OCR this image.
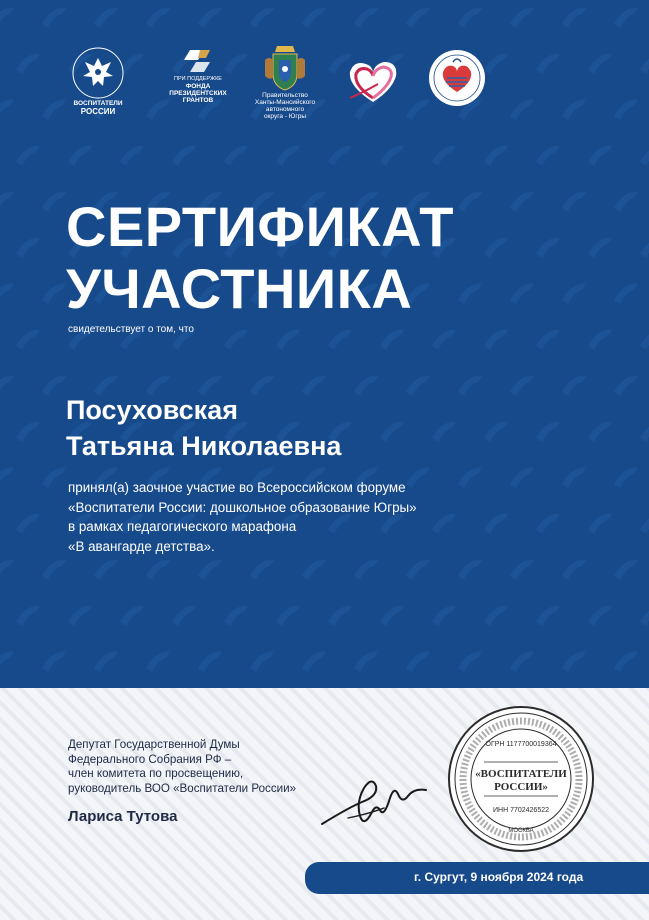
ВОСПИТАТЕЛИ
РОССИИ
ПРИ ПОДДЕРЖКЕ
ФОНДА
ПРЕЗИДЕНТСКИХ
ГРАНТОВ
Правительство
Ханты-Мансийского
автономного
округа - Югры
СЕРТИФИКАТ
УЧАСТНИКА
свидетельствует о том, что
Посуховская
Татьяна Николаевна
принял(а) заочное участие во Всероссийском форуме
«Воспитатели России: дошкольное образование Югры»
в рамках педагогического марафона
«В авангарде детства».
Депутат Государственной Думы
Федерального Собрания РФ –
член комитета по просвещению,
руководитель ВОО «Воспитатели России»
Лариса Тутова
ОГРН 1177700019364
«ВОСПИТАТЕЛИ
РОССИИ»
ИНН 7702426522
МОСКВА
г. Сургут, 9 ноября 2024 года
